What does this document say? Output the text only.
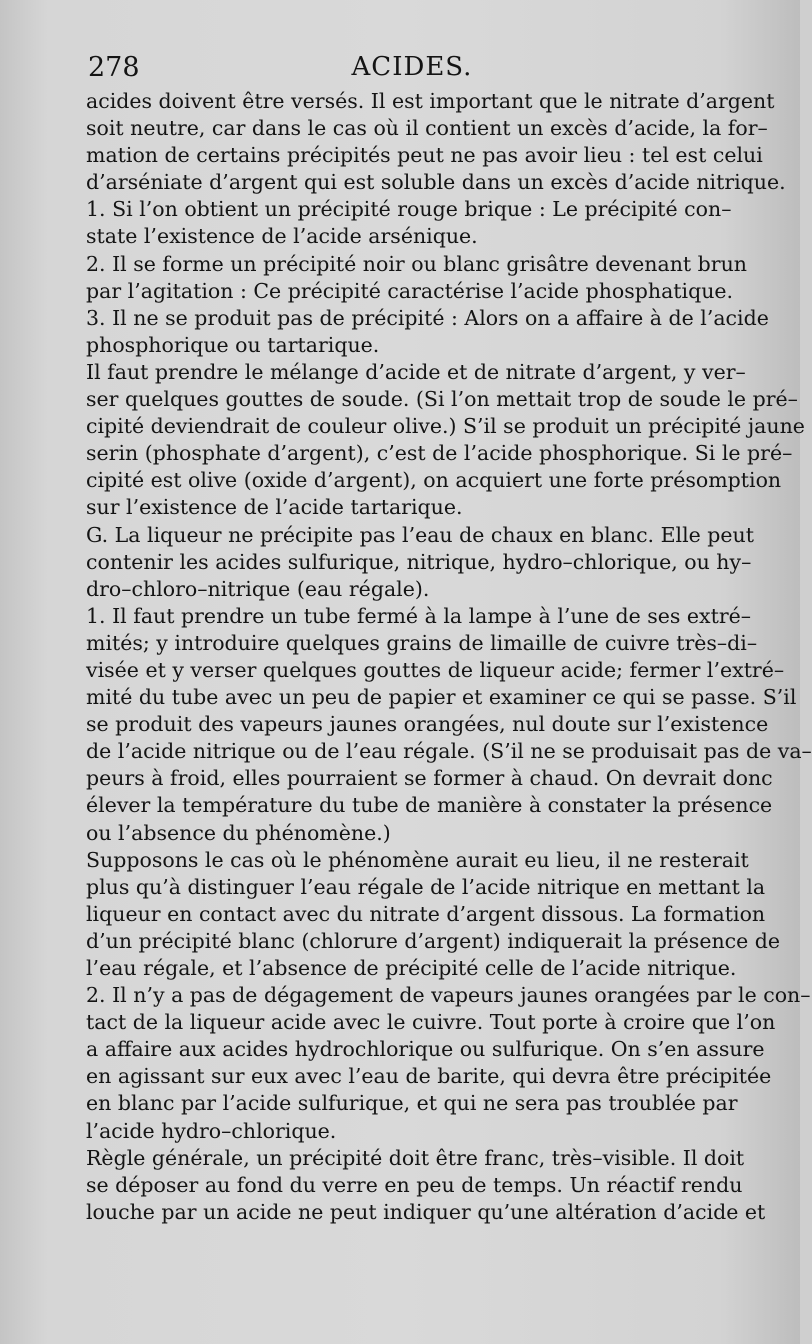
278	ACIDES.
acides doivent être versés. Il est important que le nitrate d’argent
soit neutre, car dans le cas où il contient un excès d’acide, la for–
mation de certains précipités peut ne pas avoir lieu : tel est celui
d’arséniate d’argent qui est soluble dans un excès d’acide nitrique.
1. Si l’on obtient un précipité rouge brique : Le précipité con–
state l’existence de l’acide arsénique.
2. Il se forme un précipité noir ou blanc grisâtre devenant brun
par l’agitation : Ce précipité caractérise l’acide phosphatique.
3. Il ne se produit pas de précipité : Alors on a affaire à de l’acide
phosphorique ou tartarique.
Il faut prendre le mélange d’acide et de nitrate d’argent, y ver–
ser quelques gouttes de soude. (Si l’on mettait trop de soude le pré–
cipité deviendrait de couleur olive.) S’il se produit un précipité jaune
serin (phosphate d’argent), c’est de l’acide phosphorique. Si le pré–
cipité est olive (oxide d’argent), on acquiert une forte présomption
sur l’existence de l’acide tartarique.
G. La liqueur ne précipite pas l’eau de chaux en blanc. Elle peut
contenir les acides sulfurique, nitrique, hydro–chlorique, ou hy–
dro–chloro–nitrique (eau régale).
1. Il faut prendre un tube fermé à la lampe à l’une de ses extré–
mités; y introduire quelques grains de limaille de cuivre très–di–
visée et y verser quelques gouttes de liqueur acide; fermer l’extré–
mité du tube avec un peu de papier et examiner ce qui se passe. S’il
se produit des vapeurs jaunes orangées, nul doute sur l’existence
de l’acide nitrique ou de l’eau régale. (S’il ne se produisait pas de va–
peurs à froid, elles pourraient se former à chaud. On devrait donc
élever la température du tube de manière à constater la présence
ou l’absence du phénomène.)
Supposons le cas où le phénomène aurait eu lieu, il ne resterait
plus qu’à distinguer l’eau régale de l’acide nitrique en mettant la
liqueur en contact avec du nitrate d’argent dissous. La formation
d’un précipité blanc (chlorure d’argent) indiquerait la présence de
l’eau régale, et l’absence de précipité celle de l’acide nitrique.
2. Il n’y a pas de dégagement de vapeurs jaunes orangées par le con–
tact de la liqueur acide avec le cuivre. Tout porte à croire que l’on
a affaire aux acides hydrochlorique ou sulfurique. On s’en assure
en agissant sur eux avec l’eau de barite, qui devra être précipitée
en blanc par l’acide sulfurique, et qui ne sera pas troublée par
l’acide hydro–chlorique.
Règle générale, un précipité doit être franc, très–visible. Il doit
se déposer au fond du verre en peu de temps. Un réactif rendu
louche par un acide ne peut indiquer qu’une altération d’acide et
